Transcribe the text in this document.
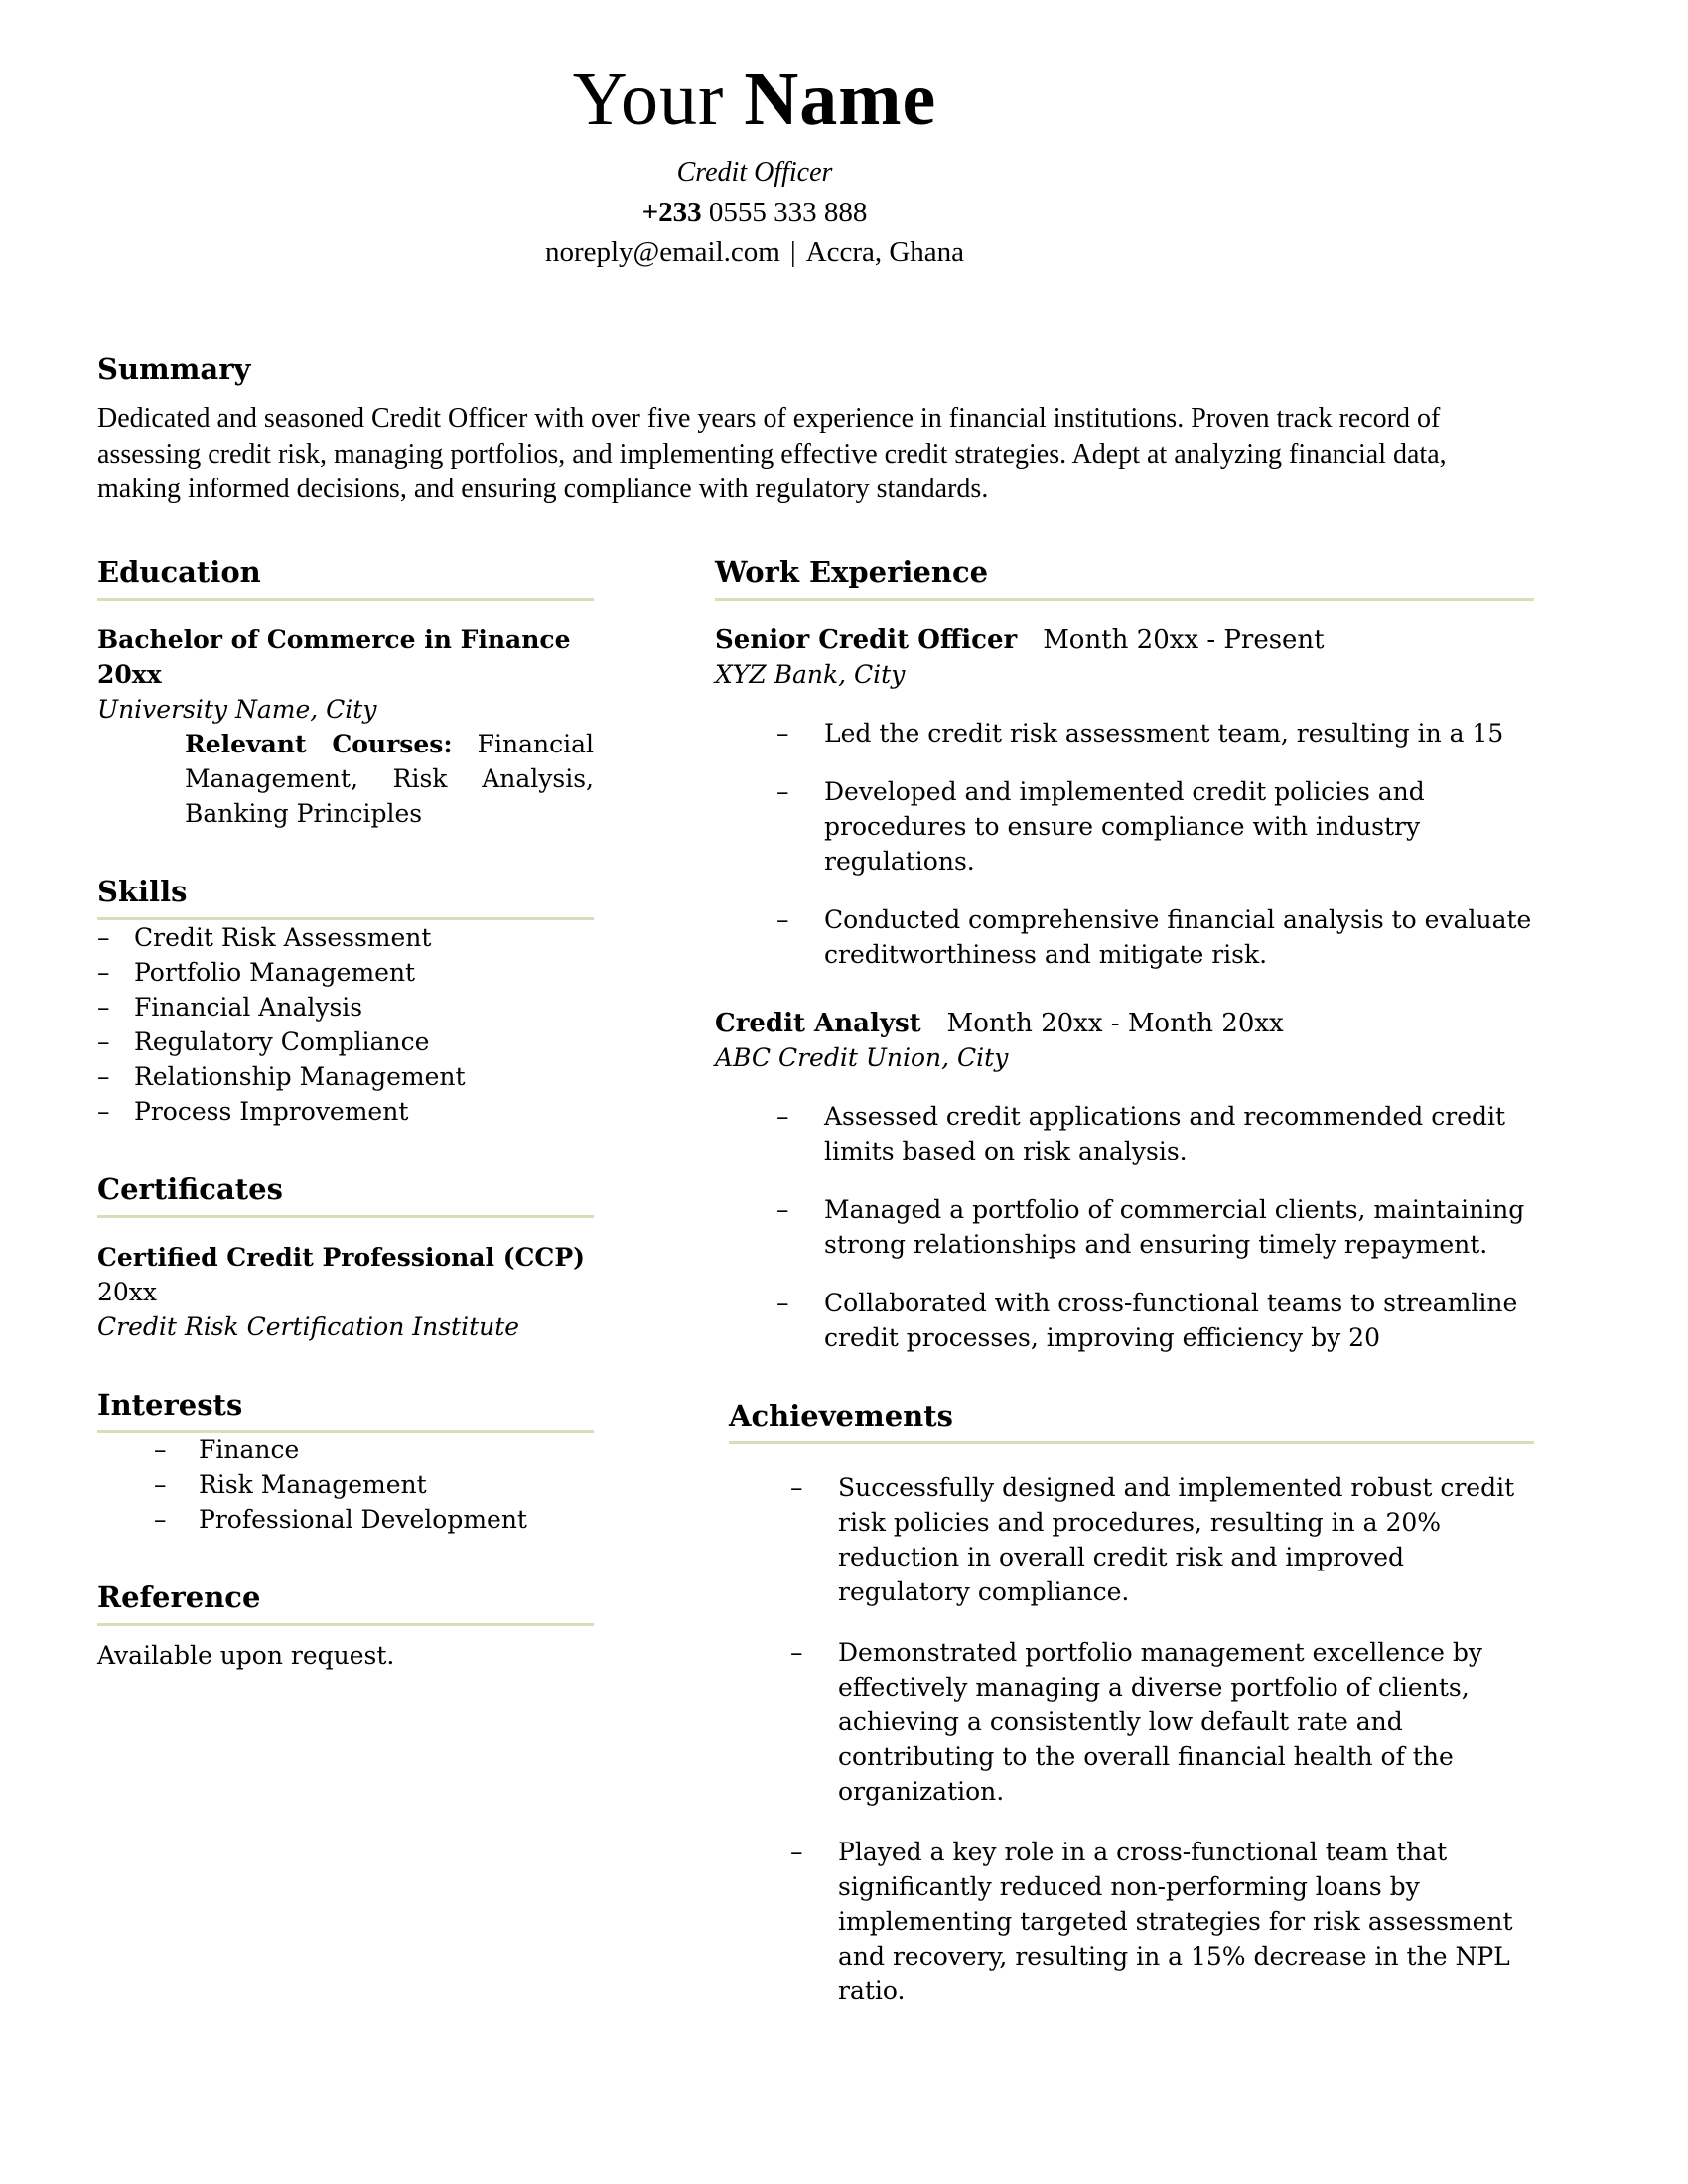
Your Name
Credit Officer
+233 0555 333 888
noreply@email.com | Accra, Ghana
Summary
Dedicated and seasoned Credit Officer with over five years of experience in financial institutions. Proven track record of assessing credit risk, managing portfolios, and implementing effective credit strategies. Adept at analyzing financial data, making informed decisions, and ensuring compliance with regulatory standards.
Education
Bachelor of Commerce in Finance
20xx
University Name, City
Relevant Courses: Financial Management, Risk Analysis, Banking Principles
Skills
– Credit Risk Assessment
– Portfolio Management
– Financial Analysis
– Regulatory Compliance
– Relationship Management
– Process Improvement
Certificates
Certified Credit Professional (CCP)
20xx
Credit Risk Certification Institute
Interests
–	Finance
–	Risk Management
–	Professional Development
Reference
Available upon request.
Work Experience
Senior Credit Officer Month 20xx - Present
XYZ Bank, City
–	Led the credit risk assessment team, resulting in a 15
–	Developed and implemented credit policies and procedures to ensure compliance with industry regulations.
–	Conducted comprehensive financial analysis to evaluate creditworthiness and mitigate risk.
Credit Analyst Month 20xx - Month 20xx
ABC Credit Union, City
–	Assessed credit applications and recommended credit limits based on risk analysis.
–	Managed a portfolio of commercial clients, maintaining strong relationships and ensuring timely repayment.
–	Collaborated with cross-functional teams to streamline credit processes, improving efficiency by 20
Achievements
–	Successfully designed and implemented robust credit risk policies and procedures, resulting in a 20% reduction in overall credit risk and improved regulatory compliance.
–	Demonstrated portfolio management excellence by effectively managing a diverse portfolio of clients, achieving a consistently low default rate and contributing to the overall financial health of the organization.
–	Played a key role in a cross-functional team that significantly reduced non-performing loans by implementing targeted strategies for risk assessment and recovery, resulting in a 15% decrease in the NPL ratio.
